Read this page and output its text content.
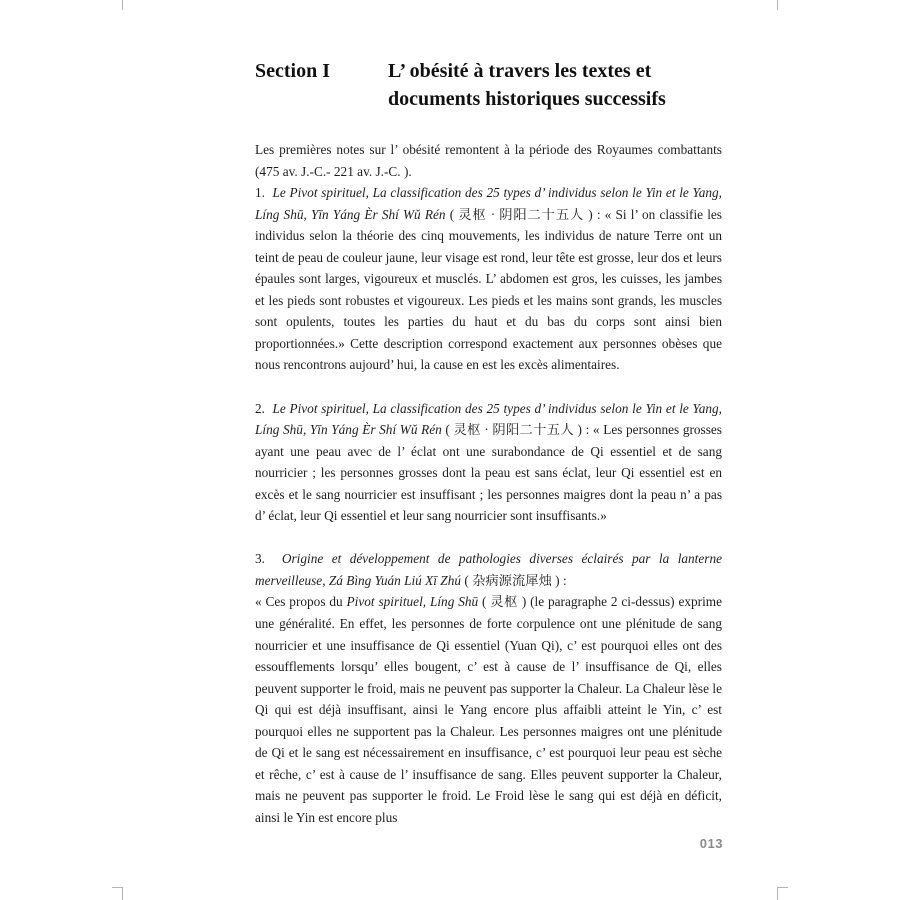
Section I	L’ obésité à travers les textes et
documents historiques successifs

Les premières notes sur l’ obésité remontent à la période des Royaumes combattants (475 av. J.-C.- 221 av. J.-C. ).

1. Le Pivot spirituel, La classification des 25 types d’ individus selon le Yin et le Yang, Líng Shū, Yīn Yáng Èr Shí Wǔ Rén ( 灵枢 · 阴阳二十五人 ) : « Si l’ on classifie les individus selon la théorie des cinq mouvements, les individus de nature Terre ont un teint de peau de couleur jaune, leur visage est rond, leur tête est grosse, leur dos et leurs épaules sont larges, vigoureux et musclés. L’ abdomen est gros, les cuisses, les jambes et les pieds sont robustes et vigoureux. Les pieds et les mains sont grands, les muscles sont opulents, toutes les parties du haut et du bas du corps sont ainsi bien proportionnées.» Cette description correspond exactement aux personnes obèses que nous rencontrons aujourd’ hui, la cause en est les excès alimentaires.

2. Le Pivot spirituel, La classification des 25 types d’ individus selon le Yin et le Yang, Líng Shū, Yīn Yáng Èr Shí Wǔ Rén ( 灵枢 · 阴阳二十五人 ) : « Les personnes grosses ayant une peau avec de l’ éclat ont une surabondance de Qi essentiel et de sang nourricier ; les personnes grosses dont la peau est sans éclat, leur Qi essentiel est en excès et le sang nourricier est insuffisant ; les personnes maigres dont la peau n’ a pas d’ éclat, leur Qi essentiel et leur sang nourricier sont insuffisants.»

3. Origine et développement de pathologies diverses éclairés par la lanterne merveilleuse, Zá Bìng Yuán Liú Xī Zhú ( 杂病源流犀烛 ) :

« Ces propos du Pivot spirituel, Líng Shū ( 灵枢 ) (le paragraphe 2 ci-dessus) exprime une généralité. En effet, les personnes de forte corpulence ont une plénitude de sang nourricier et une insuffisance de Qi essentiel (Yuan Qi), c’ est pourquoi elles ont des essoufflements lorsqu’ elles bougent, c’ est à cause de l’ insuffisance de Qi, elles peuvent supporter le froid, mais ne peuvent pas supporter la Chaleur. La Chaleur lèse le Qi qui est déjà insuffisant, ainsi le Yang encore plus affaibli atteint le Yin, c’ est pourquoi elles ne supportent pas la Chaleur. Les personnes maigres ont une plénitude de Qi et le sang est nécessairement en insuffisance, c’ est pourquoi leur peau est sèche et rêche, c’ est à cause de l’ insuffisance de sang. Elles peuvent supporter la Chaleur, mais ne peuvent pas supporter le froid. Le Froid lèse le sang qui est déjà en déficit, ainsi le Yin est encore plus

013
